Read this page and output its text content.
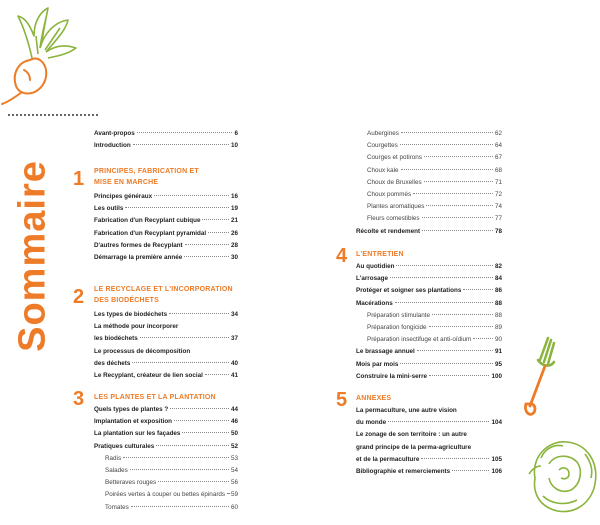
Sommaire
Avant-propos	6
Introduction	10
1 PRINCIPES, FABRICATION ET
MISE EN MARCHE
Principes généraux	16
Les outils	19
Fabrication d'un Recyplant cubique	21
Fabrication d'un Recyplant pyramidal	26
D'autres formes de Recyplant	28
Démarrage la première année	30
2 LE RECYCLAGE ET L'INCORPORATION
DES BIODÉCHETS
Les types de biodéchets	34
La méthode pour incorporer
les biodéchets	37
Le processus de décomposition
des déchets	40
Le Recyplant, créateur de lien social	41
3 LES PLANTES ET LA PLANTATION
Quels types de plantes ?	44
Implantation et exposition	46
La plantation sur les façades	50
Pratiques culturales	52
Radis	53
Salades	54
Betteraves rouges	56
Poirées vertes à couper ou bettes épinards 59
Tomates	60
Aubergines	62
Courgettes	64
Courges et potirons	67
Choux kale	68
Choux de Bruxelles	71
Choux pommés	72
Plantes aromatiques	74
Fleurs comestibles	77
Récolte et rendement	78
4 L'ENTRETIEN
Au quotidien	82
L'arrosage	84
Protéger et soigner ses plantations	86
Macérations	88
Préparation stimulante	88
Préparation fongicide	89
Préparation insectifuge et anti-oïdium	90
Le brassage annuel	91
Mois par mois	95
Construire la mini-serre	100
5 ANNEXES
La permaculture, une autre vision
du monde	104
Le zonage de son territoire : un autre
grand principe de la perma-agriculture
et de la permaculture	105
Bibliographie et remerciements	106
